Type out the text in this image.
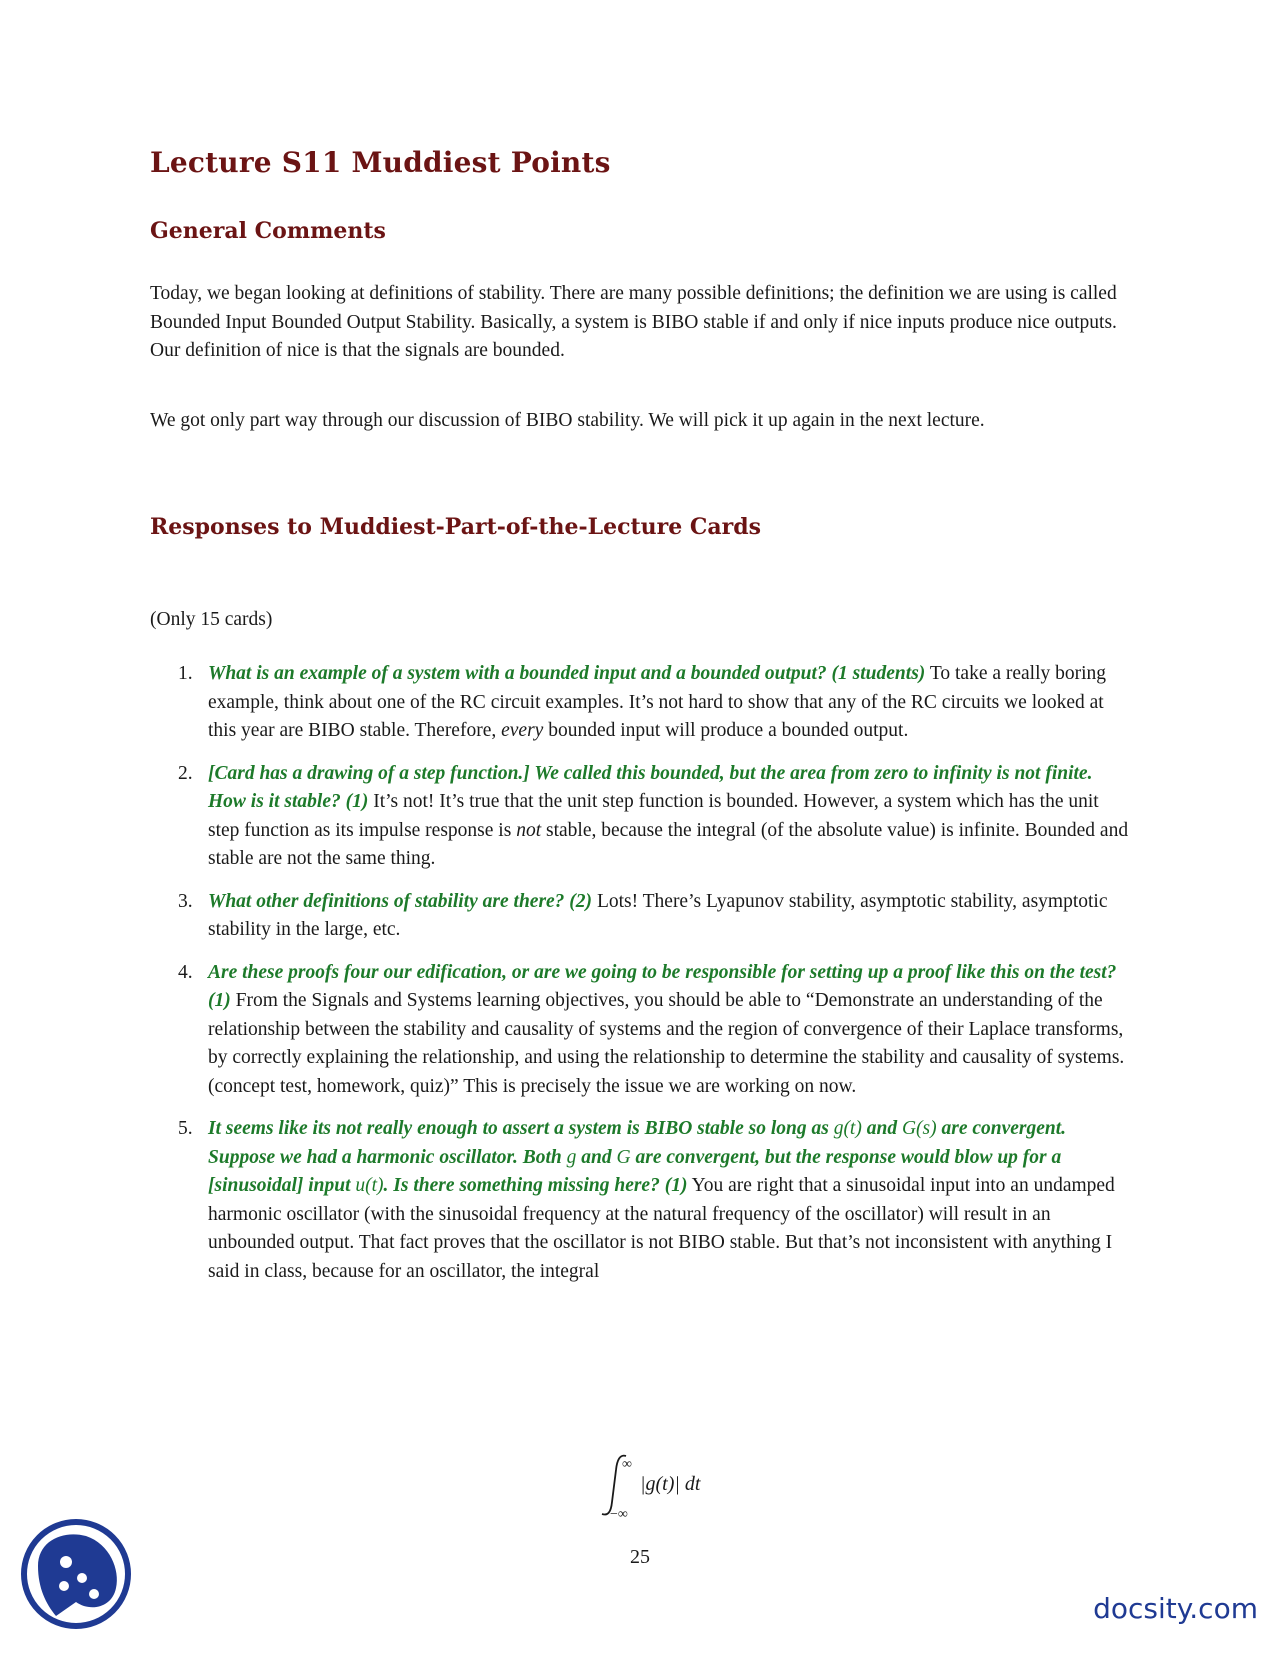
Lecture S11 Muddiest Points
General Comments

Today, we began looking at definitions of stability. There are many possible definitions; the definition we are using is called Bounded Input Bounded Output Stability. Basically, a system is BIBO stable if and only if nice inputs produce nice outputs. Our definition of nice is that the signals are bounded.

We got only part way through our discussion of BIBO stability. We will pick it up again in the next lecture.

Responses to Muddiest-Part-of-the-Lecture Cards

(Only 15 cards)

1. What is an example of a system with a bounded input and a bounded output? (1 students) To take a really boring example, think about one of the RC circuit examples. It’s not hard to show that any of the RC circuits we looked at this year are BIBO stable. Therefore, every bounded input will produce a bounded output.
2. [Card has a drawing of a step function.] We called this bounded, but the area from zero to infinity is not finite. How is it stable? (1) It’s not! It’s true that the unit step function is bounded. However, a system which has the unit step function as its impulse response is not stable, because the integral (of the absolute value) is infinite. Bounded and stable are not the same thing.
3. What other definitions of stability are there? (2) Lots! There’s Lyapunov stability, asymptotic stability, asymptotic stability in the large, etc.
4. Are these proofs four our edification, or are we going to be responsible for setting up a proof like this on the test? (1) From the Signals and Systems learning objectives, you should be able to “Demonstrate an understanding of the relationship between the stability and causality of systems and the region of convergence of their Laplace transforms, by correctly explaining the relationship, and using the relationship to determine the stability and causality of systems. (concept test, homework, quiz)” This is precisely the issue we are working on now.
5. It seems like its not really enough to assert a system is BIBO stable so long as g(t) and G(s) are convergent. Suppose we had a harmonic oscillator. Both g and G are convergent, but the response would blow up for a [sinusoidal] input u(t). Is there something missing here? (1) You are right that a sinusoidal input into an undamped harmonic oscillator (with the sinusoidal frequency at the natural frequency of the oscillator) will result in an unbounded output. That fact proves that the oscillator is not BIBO stable. But that’s not inconsistent with anything I said in class, because for an oscillator, the integral
∞
−∞
|g(t)| dt

25

docsity.com
